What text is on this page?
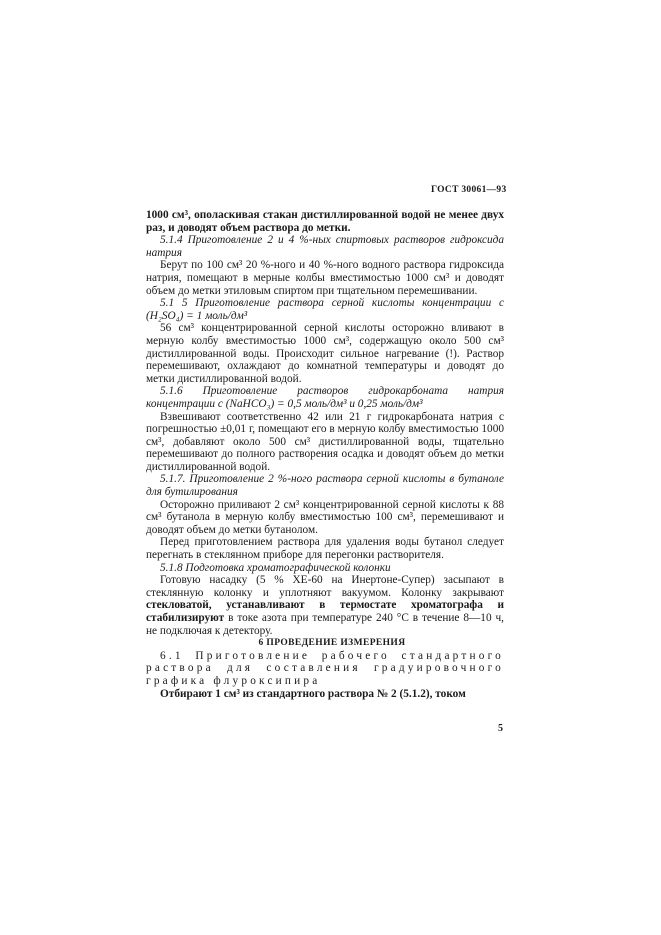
ГОСТ 30061—93

1000 см³, ополаскивая стакан дистиллированной водой не менее двух раз, и доводят объем раствора до метки.

5.1.4 Приготовление 2 и 4 %-ных спиртовых растворов гидроксида натрия

Берут по 100 см³ 20 %-ного и 40 %-ного водного раствора гидроксида натрия, помещают в мерные колбы вместимостью 1000 см³ и доводят объем до метки этиловым спиртом при тщательном перемешивании.

5.1 5 Приготовление раствора серной кислоты концентрации с (H₂SO₄) = 1 моль/дм³

56 см³ концентрированной серной кислоты осторожно вливают в мерную колбу вместимостью 1000 см³, содержащую около 500 см³ дистиллированной воды. Происходит сильное нагревание (!). Раствор перемешивают, охлаждают до комнатной температуры и доводят до метки дистиллированной водой.

5.1.6 Приготовление растворов гидрокарбоната натрия концентрации с (NaHCO₃) = 0,5 моль/дм³ и 0,25 моль/дм³

Взвешивают соответственно 42 или 21 г гидрокарбоната натрия с погрешностью ±0,01 г, помещают его в мерную колбу вместимостью 1000 см³, добавляют около 500 см³ дистиллированной воды, тщательно перемешивают до полного растворения осадка и доводят объем до метки дистиллированной водой.

5.1.7. Приготовление 2 %-ного раствора серной кислоты в бутаноле для бутилирования

Осторожно приливают 2 см³ концентрированной серной кислоты к 88 см³ бутанола в мерную колбу вместимостью 100 см³, перемешивают и доводят объем до метки бутанолом.

Перед приготовлением раствора для удаления воды бутанол следует перегнать в стеклянном приборе для перегонки растворителя.

5.1.8 Подготовка хроматографической колонки

Готовую насадку (5 % ХЕ-60 на Инертоне-Супер) засыпают в стеклянную колонку и уплотняют вакуумом. Колонку закрывают стекловатой, устанавливают в термостате хроматографа и стабилизируют в токе азота при температуре 240 °С в течение 8—10 ч, не подключая к детектору.

6 ПРОВЕДЕНИЕ ИЗМЕРЕНИЯ

6.1 Приготовление рабочего стандартного раствора для составления градуировочного графика флуроксипира

Отбирают 1 см³ из стандартного раствора № 2 (5.1.2), током

5
